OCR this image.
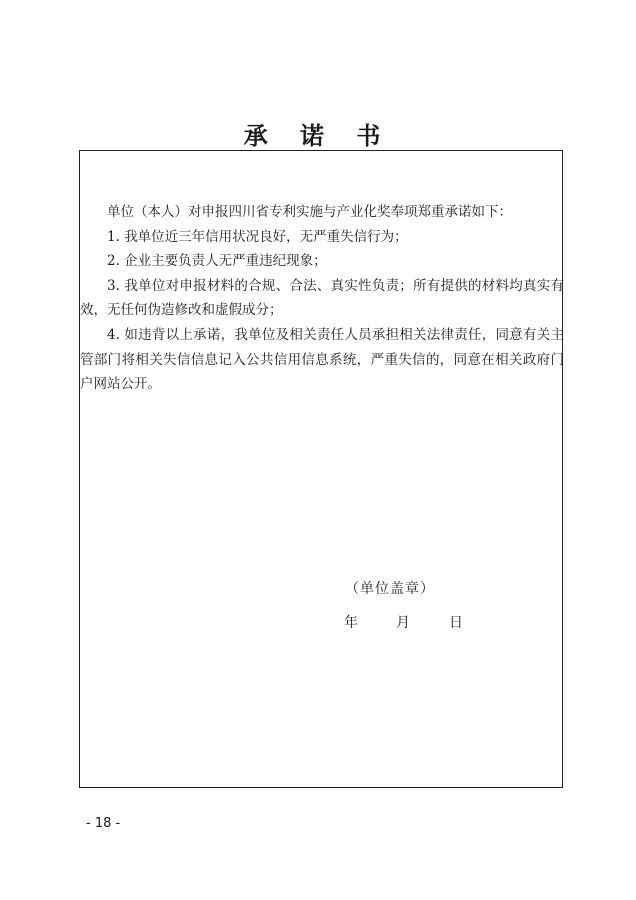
承 诺 书

单位（本人）对申报四川省专利实施与产业化奖奉项郑重承诺如下：

1. 我单位近三年信用状况良好，无严重失信行为；

2. 企业主要负责人无严重违纪现象；

3. 我单位对申报材料的合规、合法、真实性负责；所有提供的材料均真实有效，无任何伪造修改和虚假成分；

4. 如违背以上承诺，我单位及相关责任人员承担相关法律责任，同意有关主管部门将相关失信信息记入公共信用信息系统，严重失信的，同意在相关政府门户网站公开。

（单位盖章）
年	月	日
- 18 -
